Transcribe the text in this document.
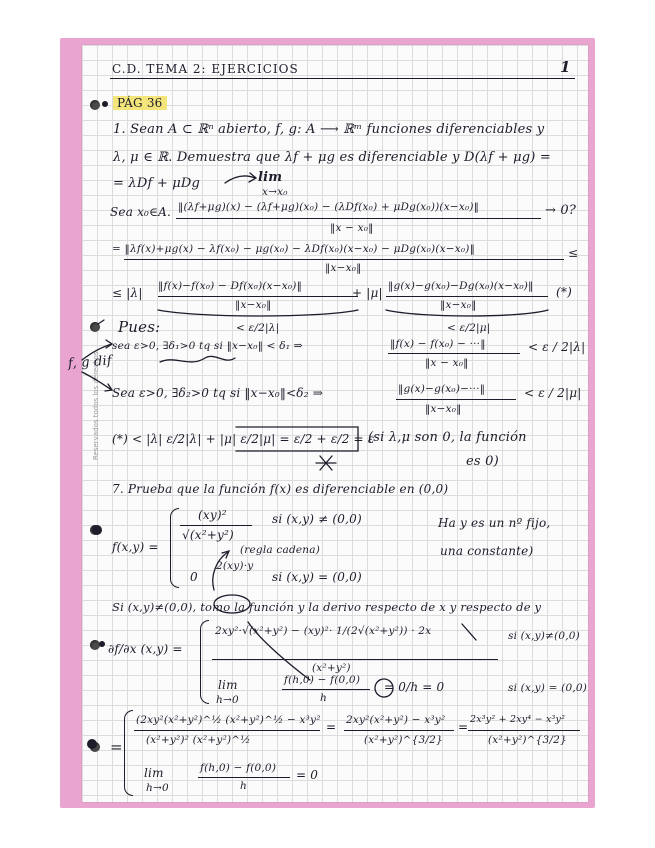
Reservados todos los derechos
C.D. TEMA 2: EJERCICIOS	1
PÁG 36
1. Sean A ⊂ ℝⁿ abierto, f, g: A ⟶ ℝᵐ funciones diferenciables y
λ, μ ∈ ℝ. Demuestra que λf + μg es diferenciable y D(λf + μg) =
= λDf + μDg	lim
x→x₀
Sea x₀∈A. ‖(λf+μg)(x) − (λf+μg)(x₀) − (λDf(x₀) + μDg(x₀))(x−x₀)‖
‖x − x₀‖
→ 0?
= ‖λf(x)+μg(x) − λf(x₀) − μg(x₀) − λDf(x₀)(x−x₀) − μDg(x₀)(x−x₀)‖
‖x−x₀‖
≤
≤ |λ| ‖f(x)−f(x₀) − Df(x₀)(x−x₀)‖
‖x−x₀‖
+ |μ| ‖g(x)−g(x₀)−Dg(x₀)(x−x₀)‖
‖x−x₀‖
(*)
< ε/2|λ|	< ε/2|μ|
Pues:
f, g dif
sea ε>0, ∃δ₁>0 tq si ‖x−x₀‖ < δ₁ ⇒	‖f(x) − f(x₀) − ···‖
‖x − x₀‖
< ε / 2|λ|
Sea ε>0, ∃δ₂>0 tq si ‖x−x₀‖<δ₂ ⇒	‖g(x)−g(x₀)−···‖
‖x−x₀‖
< ε / 2|μ|
(*) < |λ| ε/2|λ| + |μ| ε/2|μ| = ε/2 + ε/2 = ε
(si λ,μ son 0, la función
es 0)
7. Prueba que la función f(x) es diferenciable en (0,0)
f(x,y) =
(xy)²
√(x²+y²)
si (x,y) ≠ (0,0)
(regla cadena)
2(xy)·y
0	si (x,y) = (0,0)
Ha y es un nº fijo,
una constante)
Si (x,y)≠(0,0), tomo la función y la derivo respecto de x y respecto de y
∂f/∂x (x,y) =
2xy²·√(x²+y²) − (xy)²· 1/(2√(x²+y²)) · 2x
(x²+y²)
si (x,y)≠(0,0)
lim
h→0
f(h,0) − f(0,0)
h
= 0/h = 0	si (x,y) = (0,0)
=
(2xy²(x²+y²)^½ (x²+y²)^½ − x³y²
(x²+y²)² (x²+y²)^½
= 2xy²(x²+y²) − x³y²
(x²+y²)^{3/2}
=
2x³y² + 2xy⁴ − x³y²
(x²+y²)^{3/2}
lim
h→0
f(h,0) − f(0,0)
h
= 0
